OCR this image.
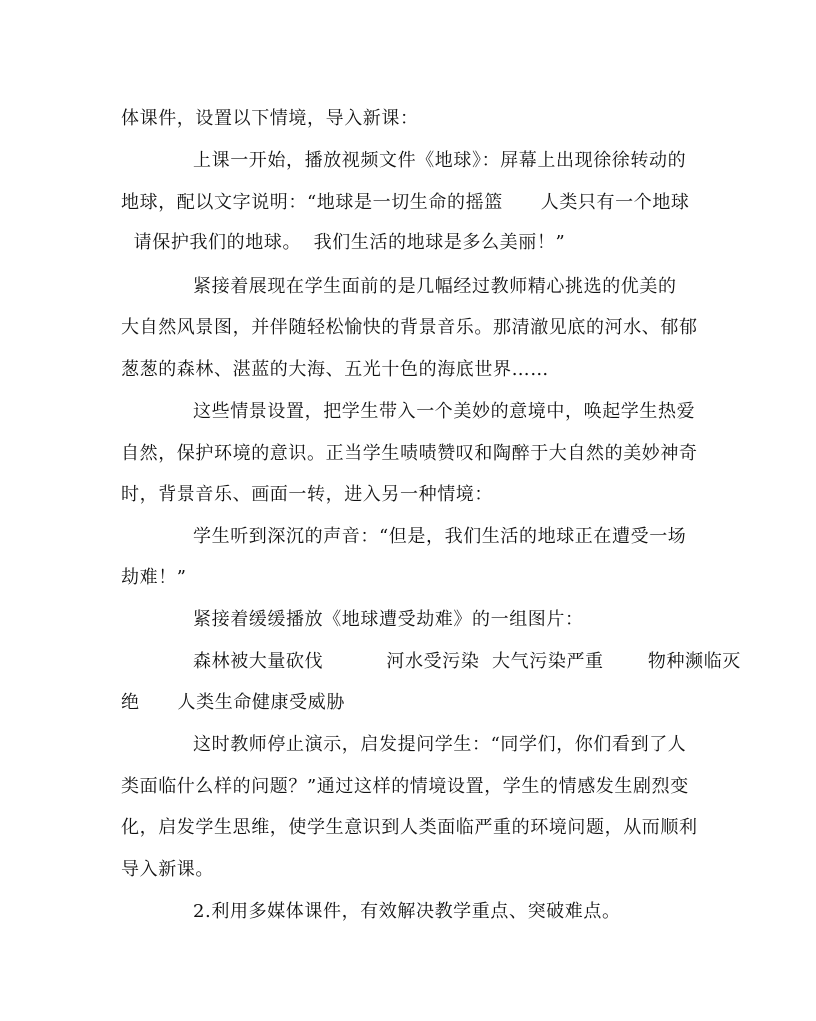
体课件，设置以下情境，导入新课：
上课一开始，播放视频文件《地球》：屏幕上出现徐徐转动的
地球，配以文字说明：“地球是一切生命的摇篮      人类只有一个地球
请保护我们的地球。  我们生活的地球是多么美丽！”
紧接着展现在学生面前的是几幅经过教师精心挑选的优美的
大自然风景图，并伴随轻松愉快的背景音乐。那清澈见底的河水、郁郁
葱葱的森林、湛蓝的大海、五光十色的海底世界……
这些情景设置，把学生带入一个美妙的意境中，唤起学生热爱
自然，保护环境的意识。正当学生啧啧赞叹和陶醉于大自然的美妙神奇
时，背景音乐、画面一转，进入另一种情境：
学生听到深沉的声音：“但是，我们生活的地球正在遭受一场
劫难！”
紧接着缓缓播放《地球遭受劫难》的一组图片：
森林被大量砍伐          河水受污染  大气污染严重       物种濒临灭
绝      人类生命健康受威胁
这时教师停止演示，启发提问学生：“同学们，你们看到了人
类面临什么样的问题？”通过这样的情境设置，学生的情感发生剧烈变
化，启发学生思维，使学生意识到人类面临严重的环境问题，从而顺利
导入新课。
2.利用多媒体课件，有效解决教学重点、突破难点。
